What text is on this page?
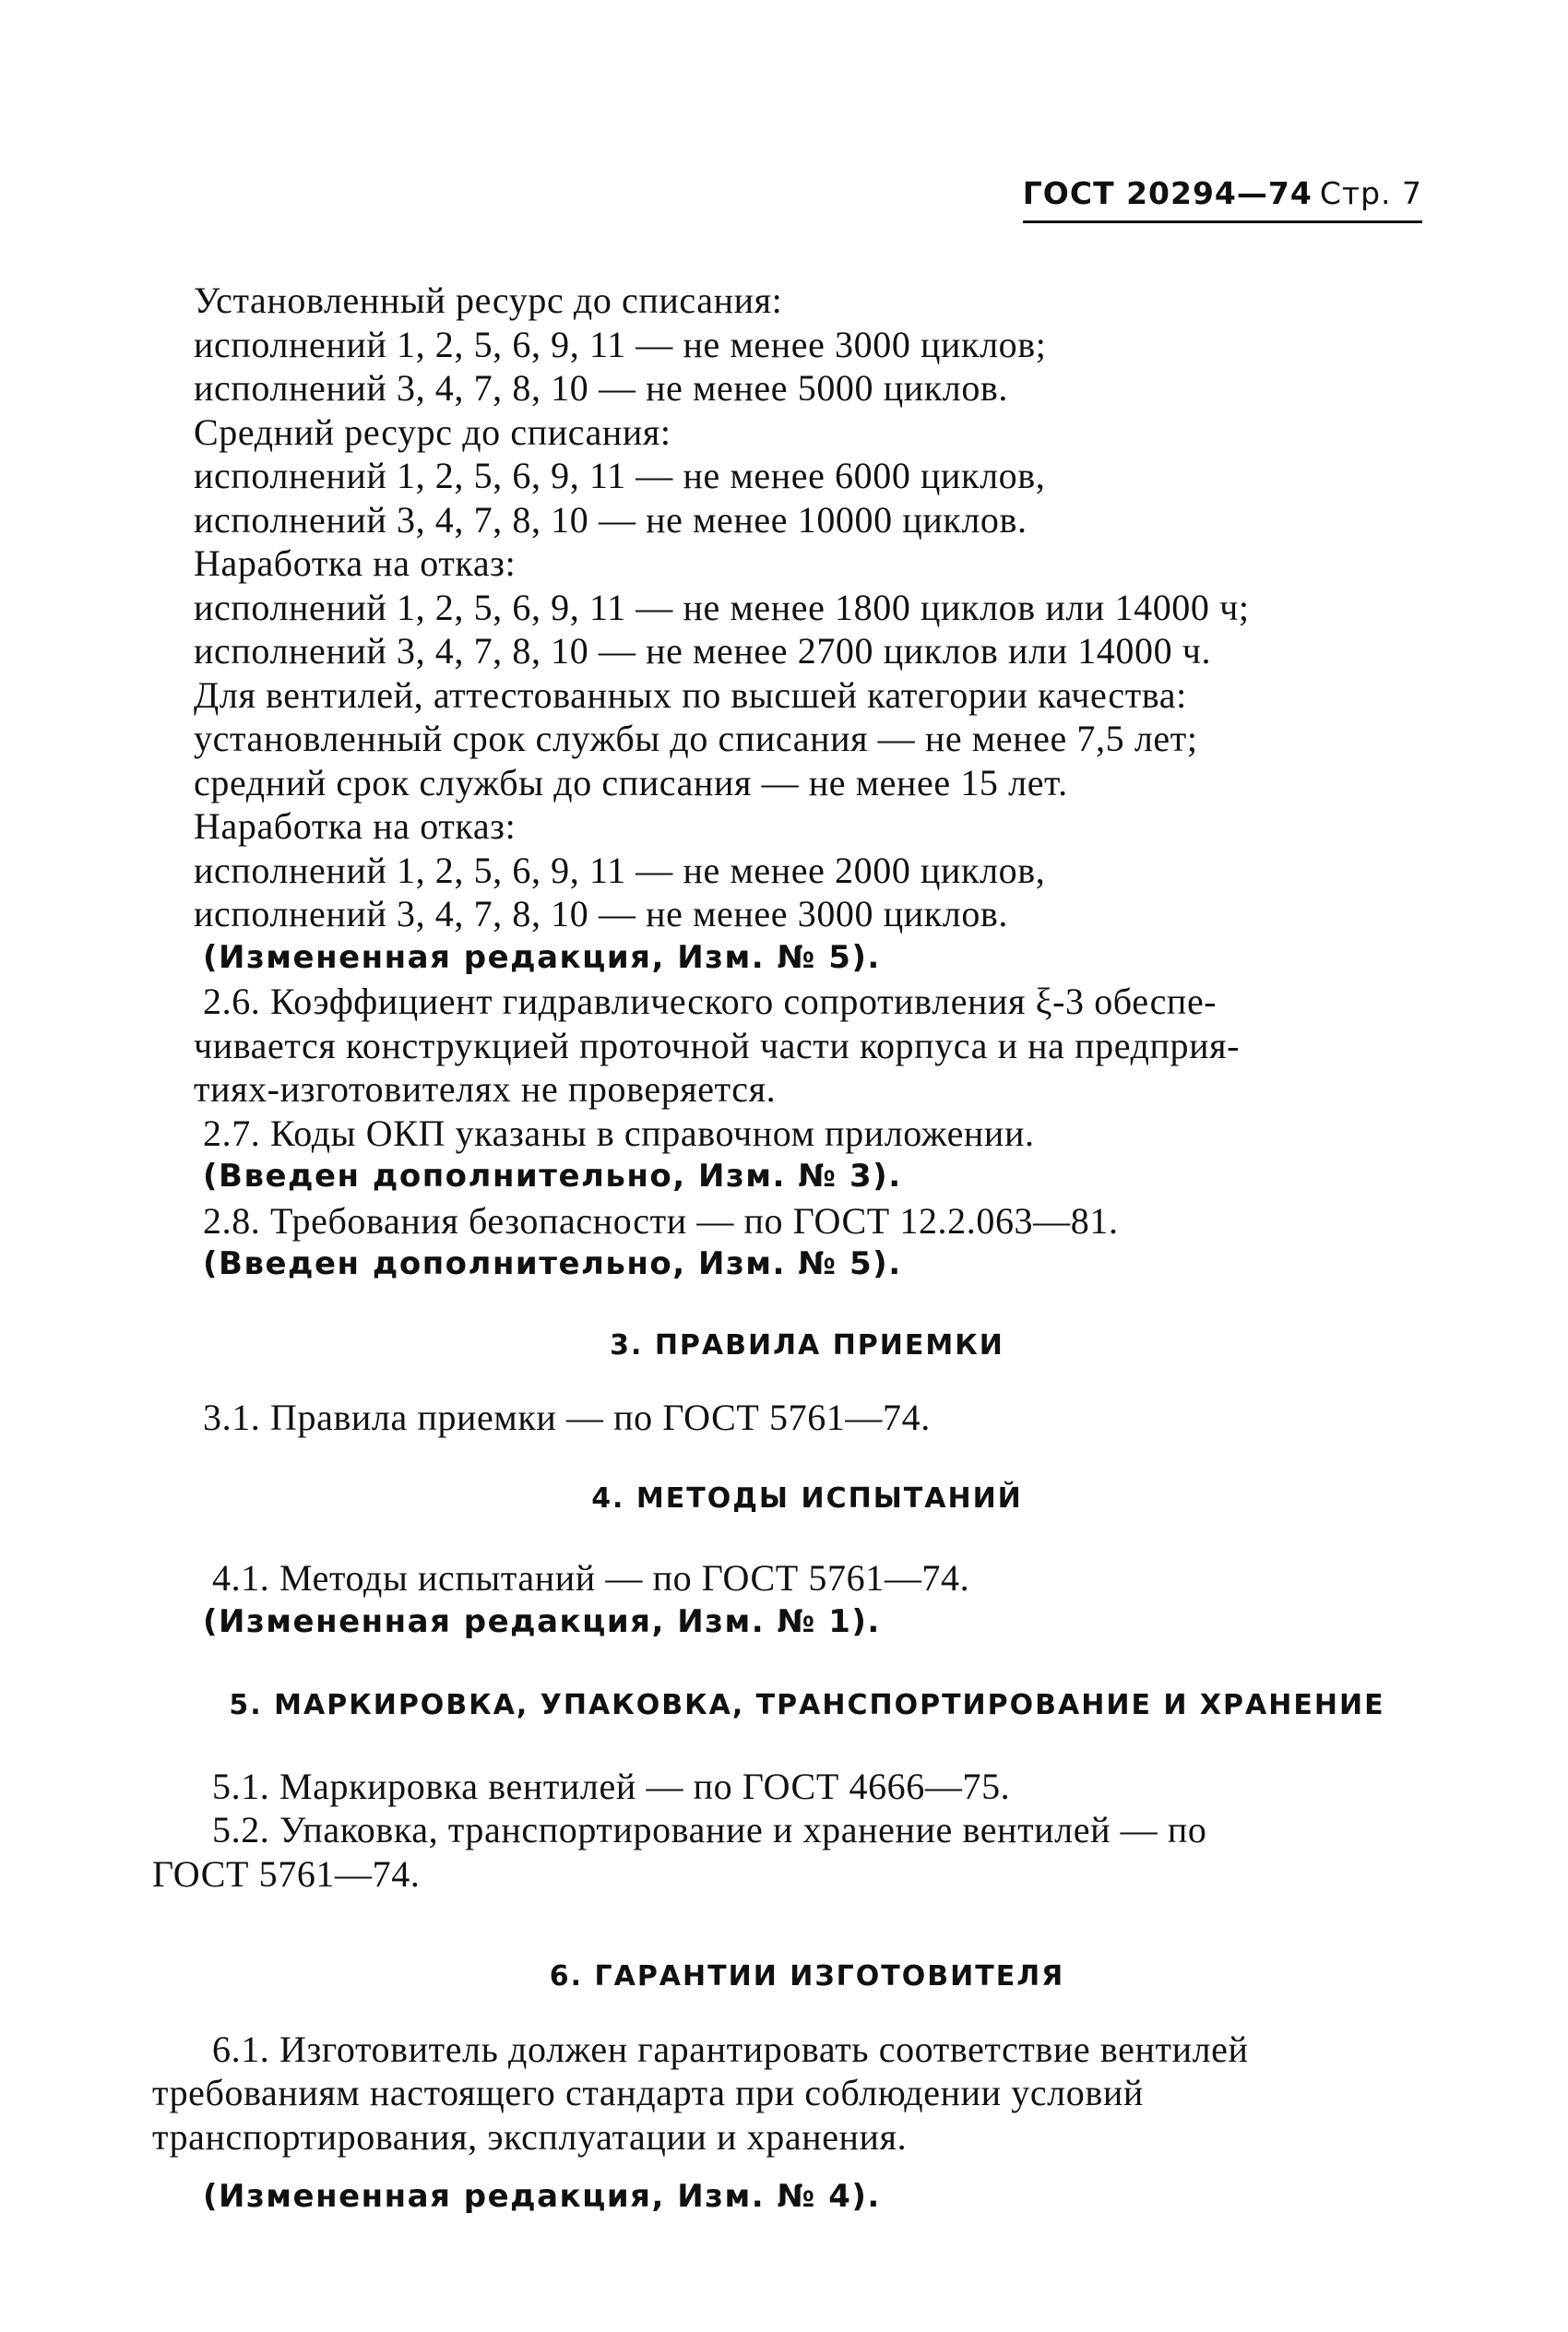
ГОСТ 20294—74 Стр. 7
Установленный ресурс до списания:
исполнений 1, 2, 5, 6, 9, 11 — не менее 3000 циклов;
исполнений 3, 4, 7, 8, 10 — не менее 5000 циклов.
Средний ресурс до списания:
исполнений 1, 2, 5, 6, 9, 11 — не менее 6000 циклов,
исполнений 3, 4, 7, 8, 10 — не менее 10000 циклов.
Наработка на отказ:
исполнений 1, 2, 5, 6, 9, 11 — не менее 1800 циклов или 14000 ч;
исполнений 3, 4, 7, 8, 10 — не менее 2700 циклов или 14000 ч.
Для вентилей, аттестованных по высшей категории качества:
установленный срок службы до списания — не менее 7,5 лет;
средний срок службы до списания — не менее 15 лет.
Наработка на отказ:
исполнений 1, 2, 5, 6, 9, 11 — не менее 2000 циклов,
исполнений 3, 4, 7, 8, 10 — не менее 3000 циклов.
(Измененная редакция, Изм. № 5).
2.6. Коэффициент гидравлического сопротивления ξ-3 обеспе-
чивается конструкцией проточной части корпуса и на предприя-
тиях-изготовителях не проверяется.
2.7. Коды ОКП указаны в справочном приложении.
(Введен дополнительно, Изм. № 3).
2.8. Требования безопасности — по ГОСТ 12.2.063—81.
(Введен дополнительно, Изм. № 5).
3. ПРАВИЛА ПРИЕМКИ
3.1. Правила приемки — по ГОСТ 5761—74.
4. МЕТОДЫ ИСПЫТАНИЙ
4.1. Методы испытаний — по ГОСТ 5761—74.
(Измененная редакция, Изм. № 1).
5. МАРКИРОВКА, УПАКОВКА, ТРАНСПОРТИРОВАНИЕ И ХРАНЕНИЕ
5.1. Маркировка вентилей — по ГОСТ 4666—75.
5.2. Упаковка, транспортирование и хранение вентилей — по
ГОСТ 5761—74.
6. ГАРАНТИИ ИЗГОТОВИТЕЛЯ
6.1. Изготовитель должен гарантировать соответствие вентилей
требованиям настоящего стандарта при соблюдении условий
транспортирования, эксплуатации и хранения.
(Измененная редакция, Изм. № 4).
